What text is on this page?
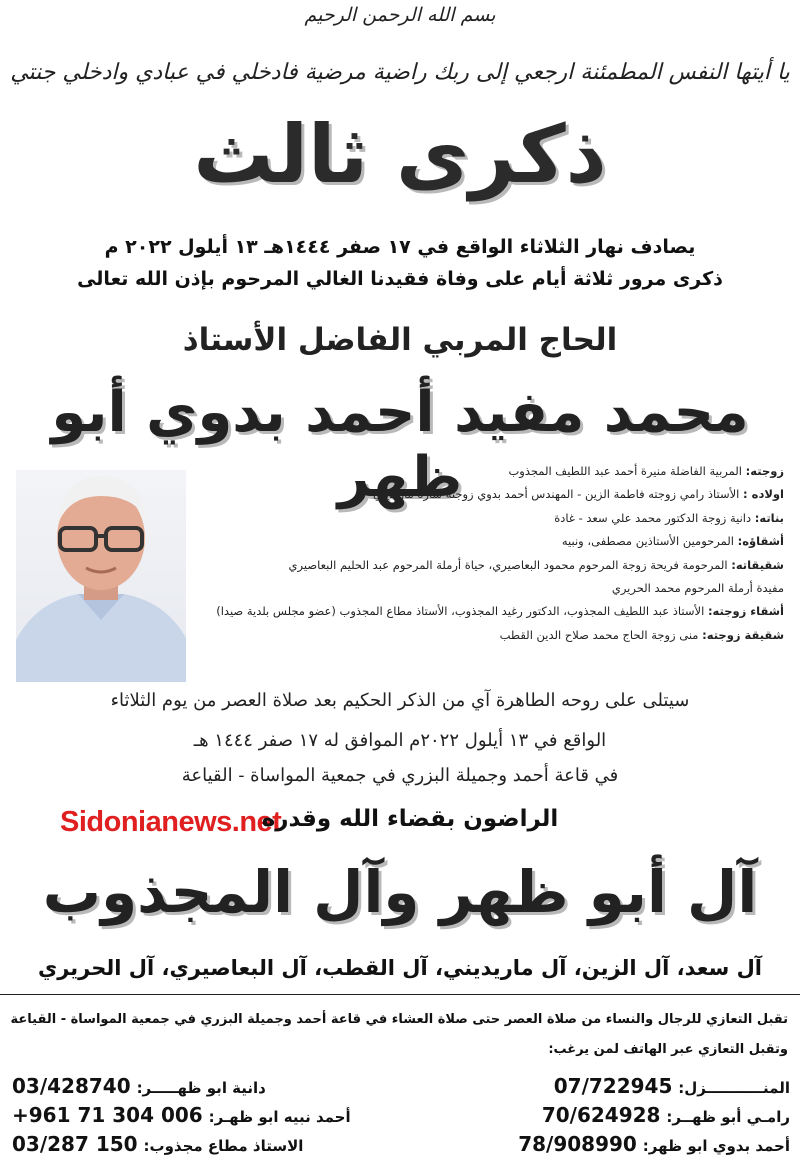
بسم الله الرحمن الرحيم
يا أيتها النفس المطمئنة ارجعي إلى ربك راضية مرضية فادخلي في عبادي وادخلي جنتي
ذكرى ثالث
يصادف نهار الثلاثاء الواقع في ١٧ صفر ١٤٤٤هـ ١٣ أيلول ٢٠٢٢ م
ذكرى مرور ثلاثة أيام على وفاة فقيدنا الغالي المرحوم بإذن الله تعالى
الحاج المربي الفاضل الأستاذ
محمد مفيد أحمد بدوي أبو ظهر	زوجته: المربية الفاضلة منيرة أحمد عبد اللطيف المجذوب
اولاده : الأستاذ رامي زوجته فاطمة الزين - المهندس أحمد بدوي زوجته سارة ماريديني
بناته: دانية زوجة الدكتور محمد علي سعد - غادة
أشقاؤه: المرحومين الأستاذين مصطفى، ونبيه
شقيقاته: المرحومة فريحة زوجة المرحوم محمود البعاصيري، حياة أرملة المرحوم عبد الحليم البعاصيري
مفيدة أرملة المرحوم محمد الحريري
أشقاء زوجته: الأستاذ عبد اللطيف المجذوب، الدكتور رغيد المجذوب، الأستاذ مطاع المجذوب (عضو مجلس بلدية صيدا)
شقيقة زوجته: منى زوجة الحاج محمد صلاح الدين القطب
سيتلى على روحه الطاهرة آي من الذكر الحكيم بعد صلاة العصر من يوم الثلاثاء
الواقع في ١٣ أيلول ٢٠٢٢م الموافق له ١٧ صفر ١٤٤٤ هـ
في قاعة أحمد وجميلة البزري في جمعية المواساة - القياعة
Sidonianews.net
الراضون بقضاء الله وقدره
آل أبو ظهر وآل المجذوب
آل سعد، آل الزين، آل ماريديني، آل القطب، آل البعاصيري، آل الحريري
تقبل التعازي للرجال والنساء من صلاة العصر حتى صلاة العشاء في قاعة أحمد وجميلة البزري في جمعية المواساة - القياعة
وتقبل التعازي عبر الهاتف لمن يرغب:
المنـــــــــــزل: 07/722945
رامـي أبو ظهــر: 70/624928
أحمد بدوي ابو ظهر: 78/908990
دانية ابو ظهـــــر: 03/428740
أحمد نبيه ابو ظهـر: +961 71 304 006
الاستاذ مطاع مجذوب: 03/287 150
